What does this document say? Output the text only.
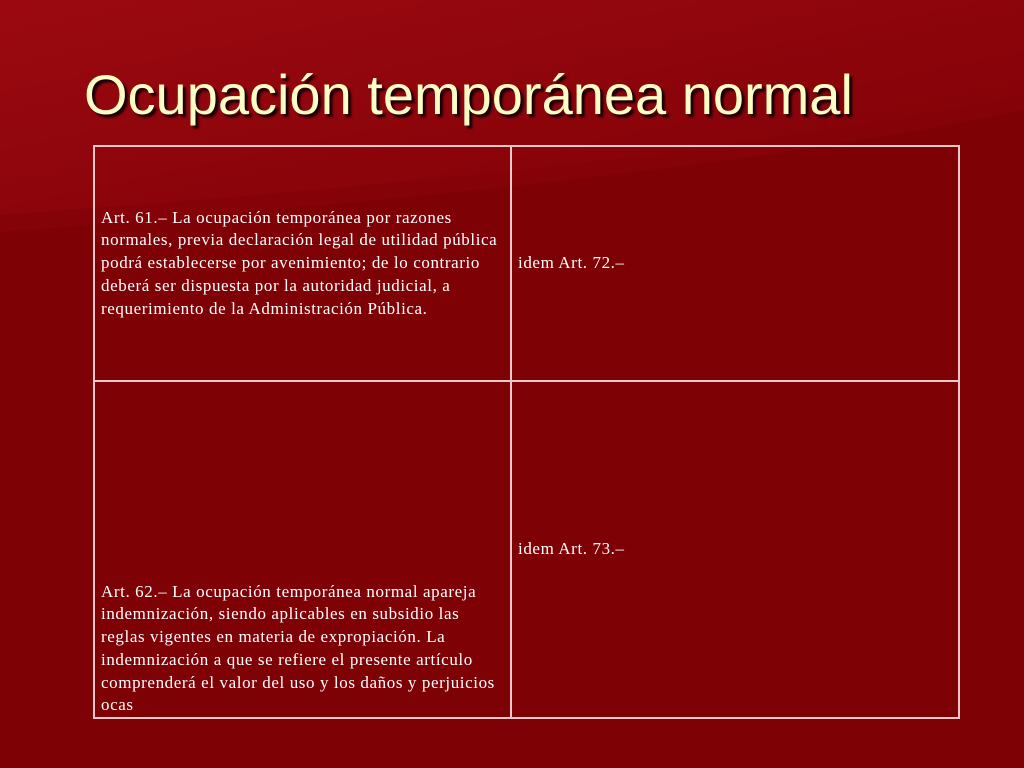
Ocupación temporánea normal
Art. 61.– La ocupación temporánea por razones normales, previa declaración legal de utilidad pública podrá establecerse por avenimiento; de lo contrario deberá ser dispuesta por la autoridad judicial, a requerimiento de la Administración Pública.	idem Art. 72.–

Art. 62.– La ocupación temporánea normal apareja indemnización, siendo aplicables en subsidio las reglas vigentes en materia de expropiación. La indemnización a que se refiere el presente artículo comprenderá el valor del uso y los daños y perjuicios ocas	idem Art. 73.–
